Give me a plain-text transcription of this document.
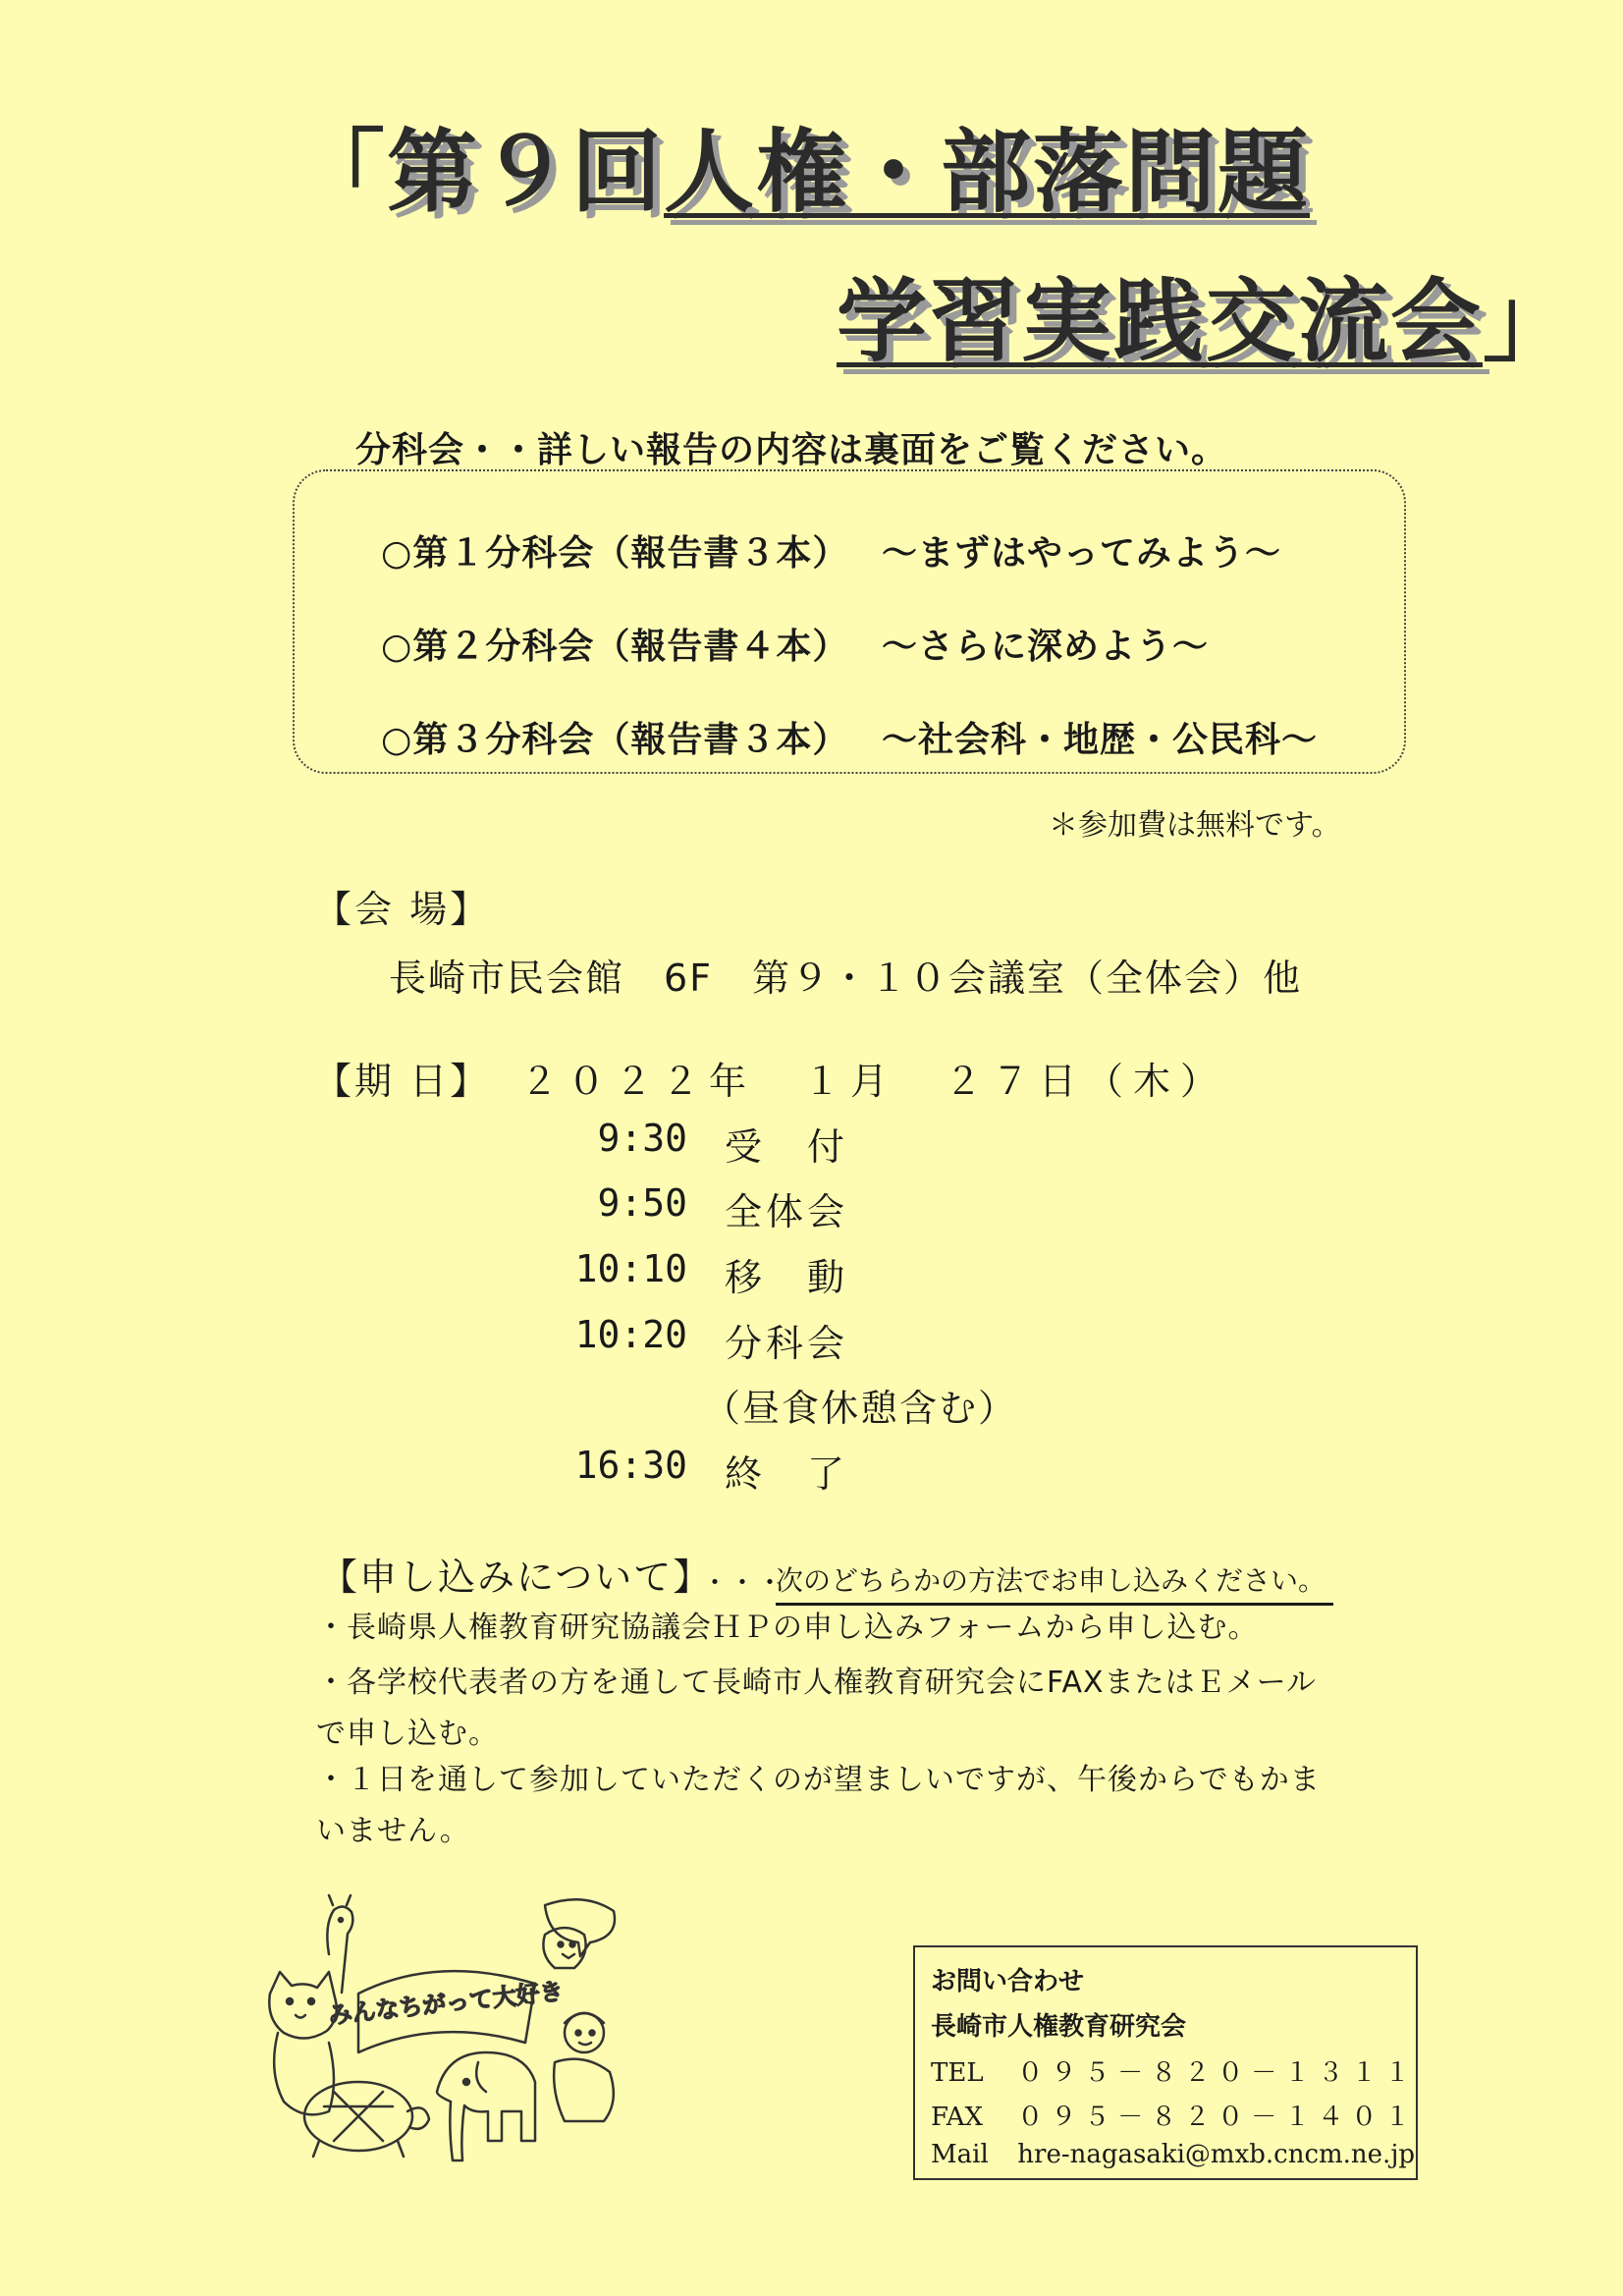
「第９回人権・部落問題
学習実践交流会」
分科会・・詳しい報告の内容は裏面をご覧ください。
○第１分科会（報告書３本） ～まずはやってみよう～
○第２分科会（報告書４本） ～さらに深めよう～
○第３分科会（報告書３本） ～社会科・地歴・公民科～
＊参加費は無料です。
【会 場】
長崎市民会館　6F　第９・１０会議室（全体会）他
【期 日】 ２０２２年　１月　２７日（木）
9:30 受　付
9:50 全体会
10:10 移　動
10:20 分科会
（昼食休憩含む）
16:30 終　了
【申し込みについて】
・・・
次のどちらかの方法でお申し込みください。
・長崎県人権教育研究協議会ＨＰの申し込みフォームから申し込む。
・各学校代表者の方を通して長崎市人権教育研究会にFAXまたはＥメールで申し込む。
・１日を通して参加していただくのが望ましいですが、午後からでもかまいません。
みんなちがって大好き	お問い合わせ
長崎市人権教育研究会
TEL ０９５－８２０－１３１１
FAX ０９５－８２０－１４０１
Mail hre-nagasaki@mxb.cncm.ne.jp
